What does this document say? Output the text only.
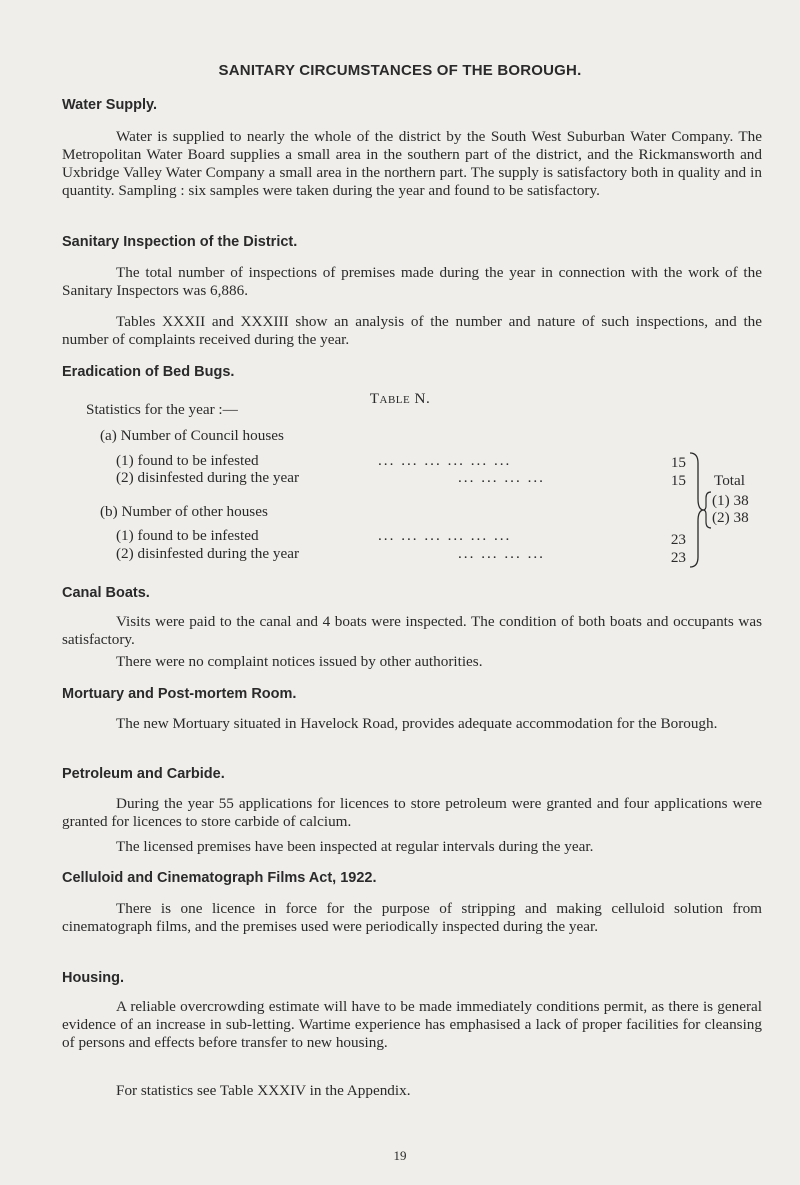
SANITARY CIRCUMSTANCES OF THE BOROUGH.
Water Supply.

Water is supplied to nearly the whole of the district by the South West Suburban Water Company. The Metropolitan Water Board supplies a small area in the southern part of the district, and the Rickmansworth and Uxbridge Valley Water Company a small area in the northern part. The supply is satisfactory both in quality and in quantity. Sampling : six samples were taken during the year and found to be satisfactory.

Sanitary Inspection of the District.

The total number of inspections of premises made during the year in connection with the work of the Sanitary Inspectors was 6,886.

Tables XXXII and XXXIII show an analysis of the number and nature of such inspections, and the number of complaints received during the year.

Eradication of Bed Bugs.
Table N.
Statistics for the year :—
(a) Number of Council houses
(1) found to be infested	... ... ... ... ... ...	15
(2) disinfested during the year	... ... ... ...	15
(b) Number of other houses
(1) found to be infested	... ... ... ... ... ...	23
(2) disinfested during the year	... ... ... ...	23
Total
(1) 38
(2) 38
Canal Boats.

Visits were paid to the canal and 4 boats were inspected. The condition of both boats and occupants was satisfactory.

There were no complaint notices issued by other authorities.

Mortuary and Post-mortem Room.

The new Mortuary situated in Havelock Road, provides adequate accommodation for the Borough.

Petroleum and Carbide.

During the year 55 applications for licences to store petroleum were granted and four applications were granted for licences to store carbide of calcium.

The licensed premises have been inspected at regular intervals during the year.

Celluloid and Cinematograph Films Act, 1922.

There is one licence in force for the purpose of stripping and making celluloid solution from cinematograph films, and the premises used were periodically inspected during the year.

Housing.

A reliable overcrowding estimate will have to be made immediately conditions permit, as there is general evidence of an increase in sub-letting. Wartime experience has emphasised a lack of proper facilities for cleansing of persons and effects before transfer to new housing.

For statistics see Table XXXIV in the Appendix.

19
